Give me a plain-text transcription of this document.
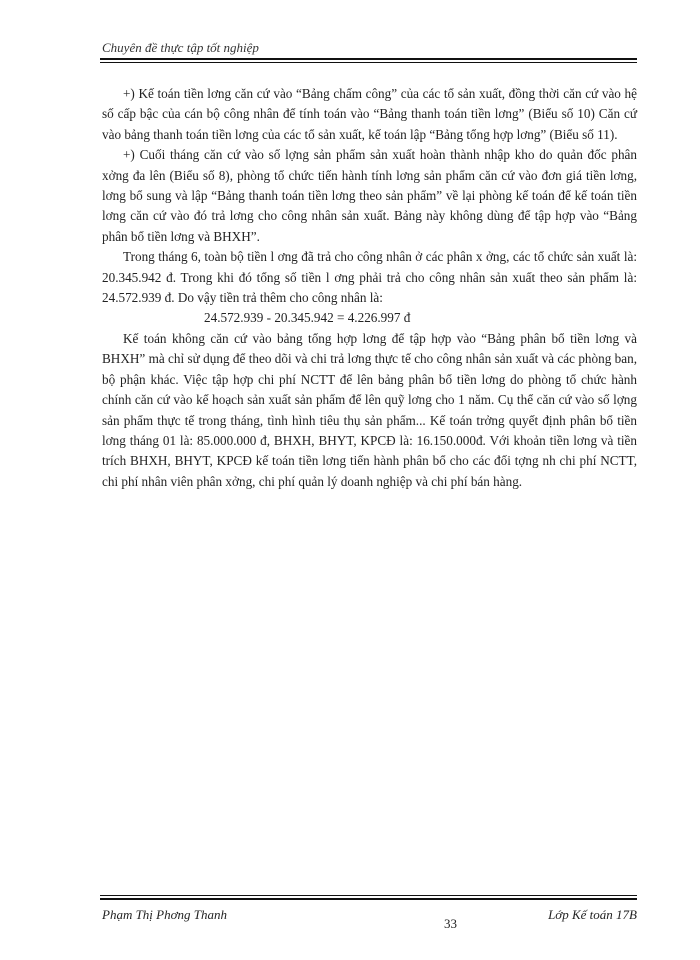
Chuyên đề thực tập tốt nghiệp

+) Kế toán tiền lơng căn cứ vào “Bảng chấm công” của các tổ sản xuất, đồng thời căn cứ vào hệ số cấp bậc của cán bộ công nhân để tính toán vào “Bảng thanh toán tiền lơng” (Biểu số 10) Căn cứ vào bảng thanh toán tiền lơng của các tổ sản xuất, kế toán lập “Bảng tổng hợp lơng” (Biểu số 11).

+) Cuối tháng căn cứ vào số lợng sản phẩm sản xuất hoàn thành nhập kho do quản đốc phân xởng đa lên (Biểu số 8), phòng tổ chức tiến hành tính lơng sản phẩm căn cứ vào đơn giá tiền lơng, lơng bổ sung và lập “Bảng thanh toán tiền lơng theo sản phẩm” về lại phòng kế toán để kế toán tiền lơng căn cứ vào đó trả lơng cho công nhân sản xuất. Bảng này không dùng để tập hợp vào “Bảng phân bổ tiền lơng và BHXH”.

Trong tháng 6, toàn bộ tiền l ơng đã trả cho công nhân ở các phân x ởng, các tổ chức sản xuất là: 20.345.942 đ. Trong khi đó tổng số tiền l ơng phải trả cho công nhân sản xuất theo sản phẩm là: 24.572.939 đ. Do vậy tiền trả thêm cho công nhân là:

24.572.939 - 20.345.942 = 4.226.997 đ

Kế toán không căn cứ vào bảng tổng hợp lơng để tập hợp vào “Bảng phân bổ tiền lơng và BHXH” mà chỉ sử dụng để theo dõi và chi trả lơng thực tế cho công nhân sản xuất và các phòng ban, bộ phận khác. Việc tập hợp chi phí NCTT để lên bảng phân bổ tiền lơng do phòng tổ chức hành chính căn cứ vào kế hoạch sản xuất sản phẩm để lên quỹ lơng cho 1 năm. Cụ thể căn cứ vào số lợng sản phẩm thực tế trong tháng, tình hình tiêu thụ sản phẩm... Kế toán trởng quyết định phân bổ tiền lơng tháng 01 là: 85.000.000 đ, BHXH, BHYT, KPCĐ là: 16.150.000đ. Với khoản tiền lơng và tiền trích BHXH, BHYT, KPCĐ kế toán tiền lơng tiến hành phân bổ cho các đối tợng nh chi phí NCTT, chi phí nhân viên phân xởng, chi phí quản lý doanh nghiệp và chi phí bán hàng.

Phạm Thị Phơng Thanh
33
Lớp Kế toán 17B
